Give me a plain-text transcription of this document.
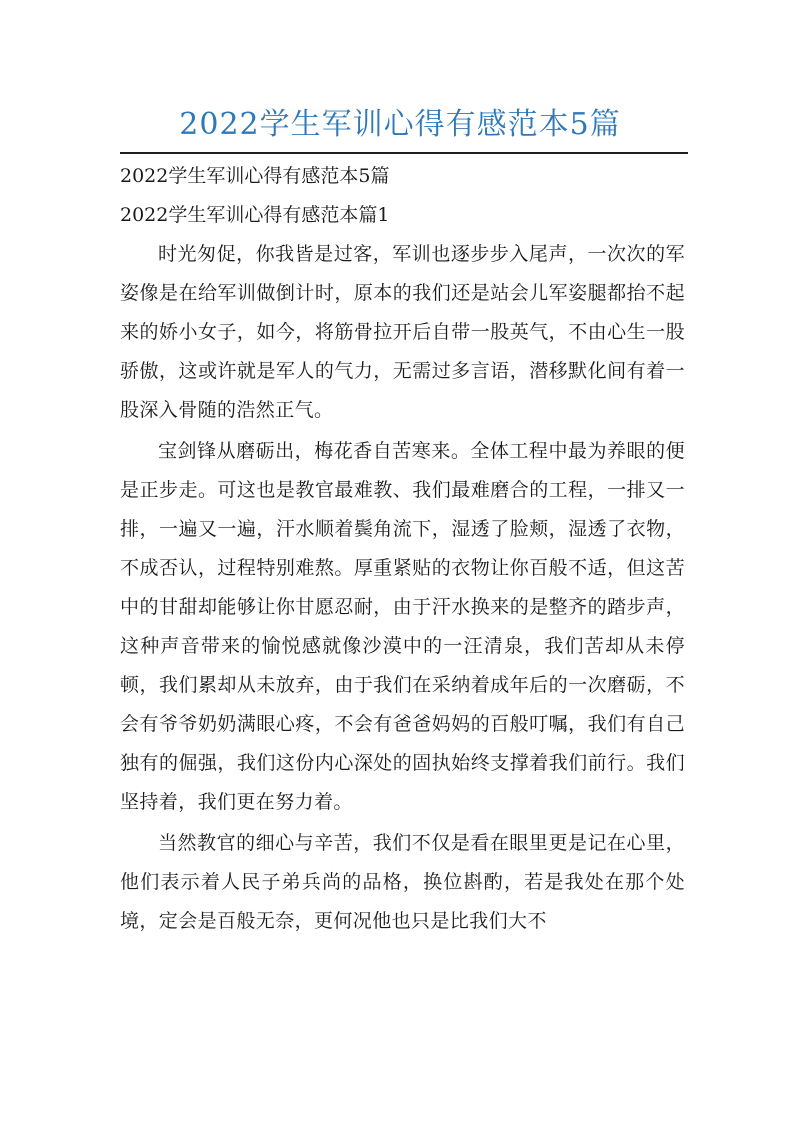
2022学生军训心得有感范本5篇

2022学生军训心得有感范本5篇

2022学生军训心得有感范本篇1

时光匆促，你我皆是过客，军训也逐步步入尾声，一次次的军姿像是在给军训做倒计时，原本的我们还是站会儿军姿腿都抬不起来的娇小女子，如今，将筋骨拉开后自带一股英气，不由心生一股骄傲，这或许就是军人的气力，无需过多言语，潜移默化间有着一股深入骨随的浩然正气。

宝剑锋从磨砺出，梅花香自苦寒来。全体工程中最为养眼的便是正步走。可这也是教官最难教、我们最难磨合的工程，一排又一排，一遍又一遍，汗水顺着鬓角流下，湿透了脸颊，湿透了衣物，不成否认，过程特别难熬。厚重紧贴的衣物让你百般不适，但这苦中的甘甜却能够让你甘愿忍耐，由于汗水换来的是整齐的踏步声，这种声音带来的愉悦感就像沙漠中的一汪清泉，我们苦却从未停顿，我们累却从未放弃，由于我们在采纳着成年后的一次磨砺，不会有爷爷奶奶满眼心疼，不会有爸爸妈妈的百般叮嘱，我们有自己独有的倔强，我们这份内心深处的固执始终支撑着我们前行。我们坚持着，我们更在努力着。

当然教官的细心与辛苦，我们不仅是看在眼里更是记在心里，他们表示着人民子弟兵尚的品格，换位斟酌，若是我处在那个处境，定会是百般无奈，更何况他也只是比我们大不
